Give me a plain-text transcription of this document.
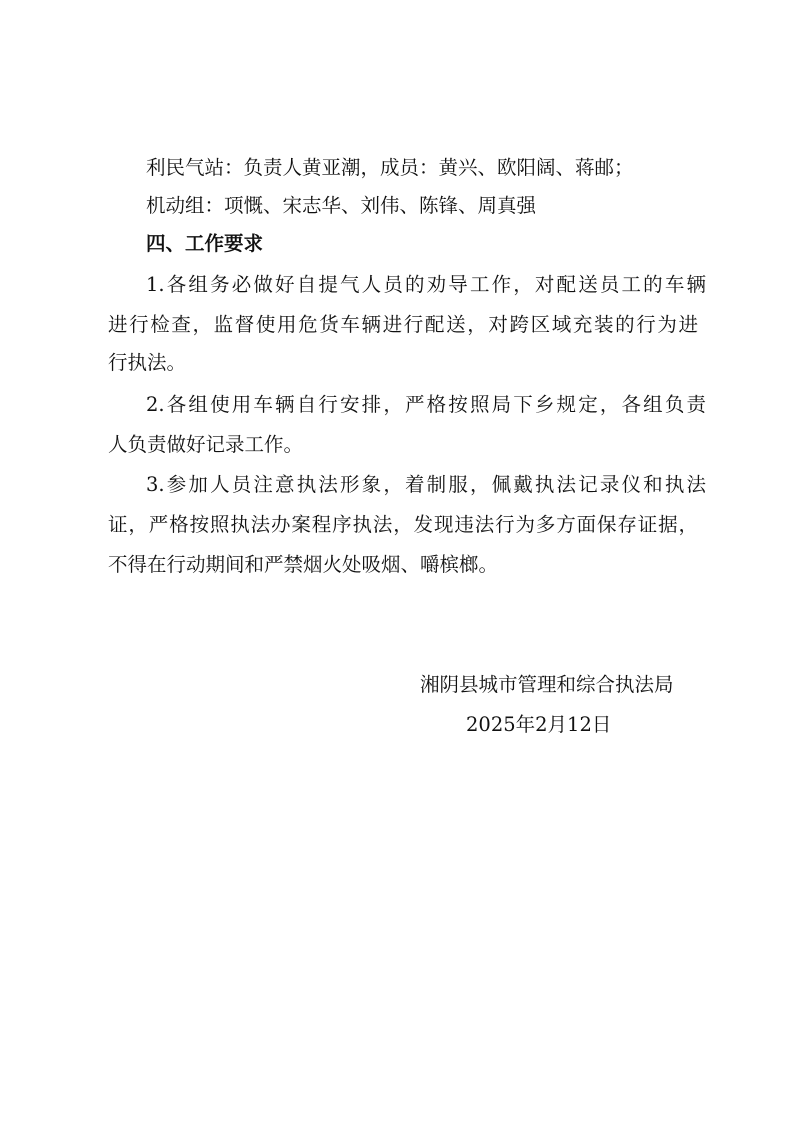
利民气站：负责人黄亚潮，成员：黄兴、欧阳阔、蒋邮；
机动组：项慨、宋志华、刘伟、陈锋、周真强
四、工作要求
1.各组务必做好自提气人员的劝导工作，对配送员工的车辆
进行检查，监督使用危货车辆进行配送，对跨区域充装的行为进
行执法。
2.各组使用车辆自行安排，严格按照局下乡规定，各组负责
人负责做好记录工作。
3.参加人员注意执法形象，着制服，佩戴执法记录仪和执法
证，严格按照执法办案程序执法，发现违法行为多方面保存证据，
不得在行动期间和严禁烟火处吸烟、嚼槟榔。
湘阴县城市管理和综合执法局
2025年2月12日
